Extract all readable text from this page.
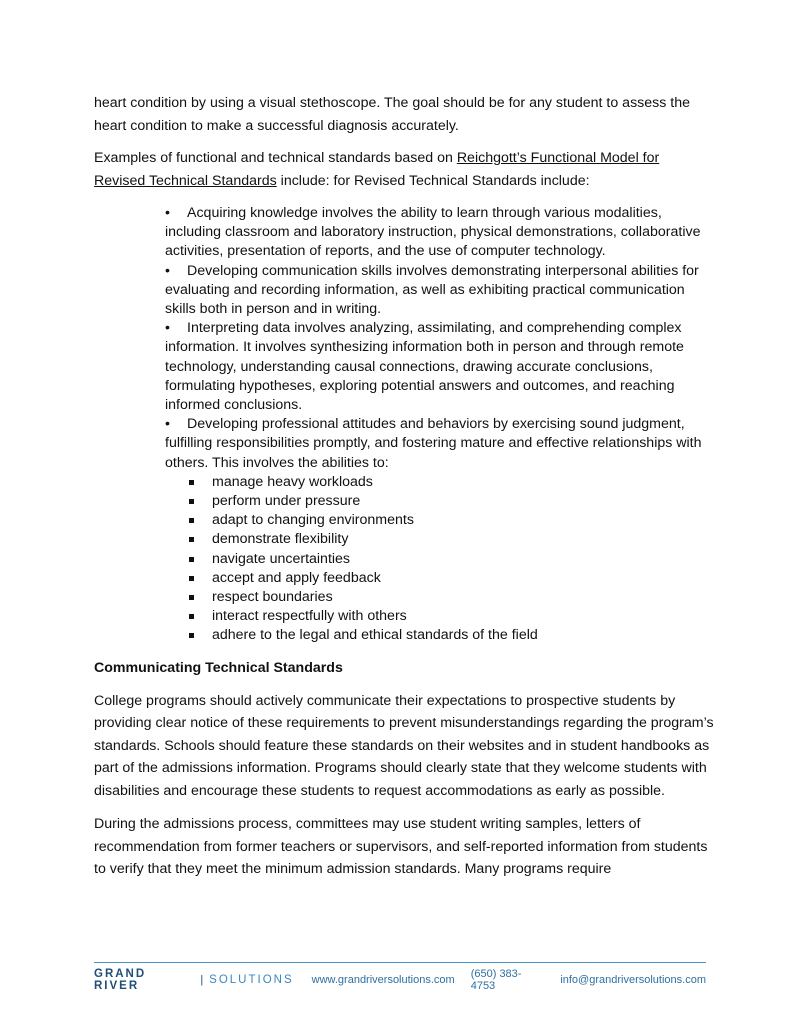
heart condition by using a visual stethoscope. The goal should be for any student to assess the heart condition to make a successful diagnosis accurately.

Examples of functional and technical standards based on Reichgott’s Functional Model for Revised Technical Standards include: for Revised Technical Standards include:

• Acquiring knowledge involves the ability to learn through various modalities, including classroom and laboratory instruction, physical demonstrations, collaborative activities, presentation of reports, and the use of computer technology.
• Developing communication skills involves demonstrating interpersonal abilities for evaluating and recording information, as well as exhibiting practical communication skills both in person and in writing.
• Interpreting data involves analyzing, assimilating, and comprehending complex information. It involves synthesizing information both in person and through remote technology, understanding causal connections, drawing accurate conclusions, formulating hypotheses, exploring potential answers and outcomes, and reaching informed conclusions.
• Developing professional attitudes and behaviors by exercising sound judgment, fulfilling responsibilities promptly, and fostering mature and effective relationships with others. This involves the abilities to:
manage heavy workloads
perform under pressure
adapt to changing environments
demonstrate flexibility
navigate uncertainties
accept and apply feedback
respect boundaries
interact respectfully with others
adhere to the legal and ethical standards of the field
Communicating Technical Standards

College programs should actively communicate their expectations to prospective students by providing clear notice of these requirements to prevent misunderstandings regarding the program’s standards. Schools should feature these standards on their websites and in student handbooks as part of the admissions information. Programs should clearly state that they welcome students with disabilities and encourage these students to request accommodations as early as possible.

During the admissions process, committees may use student writing samples, letters of recommendation from former teachers or supervisors, and self-reported information from students to verify that they meet the minimum admission standards. Many programs require

GRAND RIVER	| SOLUTIONS www.grandriversolutions.com (650) 383-4753	info@grandriversolutions.com
